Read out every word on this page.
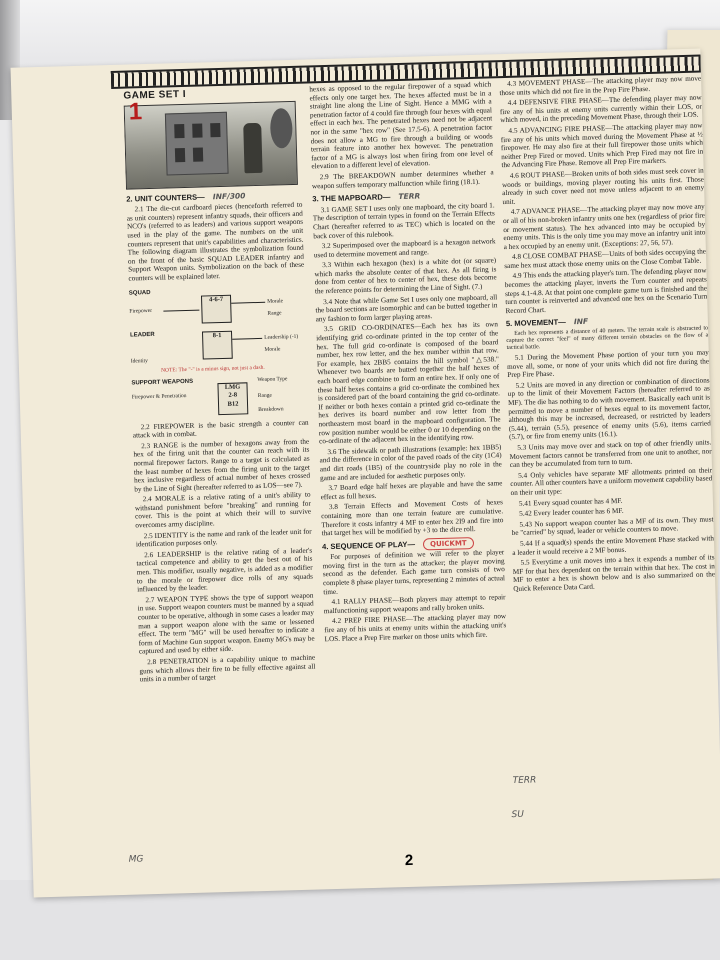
GAME SET I
1
2. UNIT COUNTERS— INF/300

2.1 The die-cut cardboard pieces (henceforth referred to as unit counters) represent infantry squads, their officers and NCO's (referred to as leaders) and various support weapons used in the play of the game. The numbers on the unit counters represent that unit's capabilities and characteristics. The following diagram illustrates the symbolization found on the front of the basic SQUAD LEADER infantry and Support Weapon units. Symbolization on the back of these counters will be explained later.

SQUAD
Firepower
4-6-7	Morale
Range
LEADER	8-1	Leadership (-1)
Morale
Identity
NOTE: The "-" is a minus sign, not just a dash.
SUPPORT WEAPONS	Weapon Type
Firepower & Penetration
LMG
2-8
B12
Range
Breakdown

2.2 FIREPOWER is the basic strength a counter can attack with in combat.

2.3 RANGE is the number of hexagons away from the hex of the firing unit that the counter can reach with its normal firepower factors. Range to a target is calculated as the least number of hexes from the firing unit to the target hex inclusive regardless of actual number of hexes crossed by the Line of Sight (hereafter referred to as LOS—see 7).

2.4 MORALE is a relative rating of a unit's ability to withstand punishment before "breaking" and running for cover. This is the point at which their will to survive overcomes army discipline.

2.5 IDENTITY is the name and rank of the leader unit for identification purposes only.

2.6 LEADERSHIP is the relative rating of a leader's tactical competence and ability to get the best out of his men. This modifier, usually negative, is added as a modifier to the morale or firepower dice rolls of any squads influenced by the leader.

2.7 WEAPON TYPE shows the type of support weapon in use. Support weapon counters must be manned by a squad counter to be operative, although in some cases a leader may man a support weapon alone with the same or lessened effect. The term "MG" will be used hereafter to indicate a form of Machine Gun support weapon. Enemy MG's may be captured and used by either side.

2.8 PENETRATION is a capability unique to machine guns which allows their fire to be fully effective against all units in a number of target

hexes as opposed to the regular firepower of a squad which effects only one target hex. The hexes affected must be in a straight line along the Line of Sight. Hence a MMG with a penetration factor of 4 could fire through four hexes with equal effect in each hex. The penetrated hexes need not be adjacent nor in the same "hex row" (See 17.5-6). A penetration factor does not allow a MG to fire through a building or woods terrain feature into another hex however. The penetration factor of a MG is always lost when firing from one level of elevation to a different level of elevation.

2.9 The BREAKDOWN number determines whether a weapon suffers temporary malfunction while firing (18.1).

3. THE MAPBOARD— TERR

3.1 GAME SET I uses only one mapboard, the city board 1. The description of terrain types in found on the Terrain Effects Chart (hereafter referred to as TEC) which is located on the back cover of this rulebook.

3.2 Superimposed over the mapboard is a hexagon network used to determine movement and range.

3.3 Within each hexagon (hex) is a white dot (or square) which marks the absolute center of that hex. As all firing is done from center of hex to center of hex, these dots become the reference points for determining the Line of Sight. (7.)

3.4 Note that while Game Set I uses only one mapboard, all the board sections are isomorphic and can be butted together in any fashion to form larger playing areas.

3.5 GRID CO-ORDINATES—Each hex has its own identifying grid co-ordinate printed in the top center of the hex. The full grid co-ordinate is composed of the board number, hex row letter, and the hex number within that row. For example, hex 2BB5 contains the hill symbol "△538." Whenever two boards are butted together the half hexes of each board edge combine to form an entire hex. If only one of these half hexes contains a grid co-ordinate the combined hex is considered part of the board containing the grid co-ordinate. If neither or both hexes contain a printed grid co-ordinate the hex derives its board number and row letter from the northeastern most board in the mapboard configuration. The row position number would be either 0 or 10 depending on the co-ordinate of the adjacent hex in the identifying row.

3.6 The sidewalk or path illustrations (example: hex 1BB5) and the difference in color of the paved roads of the city (1C4) and dirt roads (1B5) of the countryside play no role in the game and are included for aesthetic purposes only.

3.7 Board edge half hexes are playable and have the same effect as full hexes.

3.8 Terrain Effects and Movement Costs of hexes containing more than one terrain feature are cumulative. Therefore it costs infantry 4 MF to enter hex 2I9 and fire into that target hex will be modified by +3 to the dice roll.

4. SEQUENCE OF PLAY— QUICKMT

For purposes of definition we will refer to the player moving first in the turn as the attacker; the player moving second as the defender. Each game turn consists of two complete 8 phase player turns, representing 2 minutes of actual time.

4.1 RALLY PHASE—Both players may attempt to repair malfunctioning support weapons and rally broken units.

4.2 PREP FIRE PHASE—The attacking player may now fire any of his units at enemy units within the attacking unit's LOS. Place a Prep Fire marker on those units which fire.

4.3 MOVEMENT PHASE—The attacking player may now move those units which did not fire in the Prep Fire Phase.

4.4 DEFENSIVE FIRE PHASE—The defending player may now fire any of his units at enemy units currently within their LOS, or which moved, in the preceding Movement Phase, through their LOS.

4.5 ADVANCING FIRE PHASE—The attacking player may now fire any of his units which moved during the Movement Phase at ½ firepower. He may also fire at their full firepower those units which neither Prep Fired or moved. Units which Prep Fired may not fire in the Advancing Fire Phase. Remove all Prep Fire markers.

4.6 ROUT PHASE—Broken units of both sides must seek cover in woods or buildings, moving player routing his units first. Those already in such cover need not move unless adjacent to an enemy unit.

4.7 ADVANCE PHASE—The attacking player may now move any or all of his non-broken infantry units one hex (regardless of prior fire or movement status). The hex advanced into may be occupied by enemy units. This is the only time you may move an infantry unit into a hex occupied by an enemy unit. (Exceptions: 27, 56, 57).

4.8 CLOSE COMBAT PHASE—Units of both sides occupying the same hex must attack those enemy units on the Close Combat Table.

4.9 This ends the attacking player's turn. The defending player now becomes the attacking player, inverts the Turn counter and repeats steps 4.1-4.8. At that point one complete game turn is finished and the turn counter is reinverted and advanced one hex on the Scenario Turn Record Chart.

5. MOVEMENT— INF

Each hex represents a distance of 40 meters. The terrain scale is abstracted to capture the correct "feel" of many different terrain obstacles on the flow of a tactical battle.

5.1 During the Movement Phase portion of your turn you may move all, some, or none of your units which did not fire during the Prep Fire Phase.

5.2 Units are moved in any direction or combination of directions up to the limit of their Movement Factors (hereafter referred to as MF). The die has nothing to do with movement. Basically each unit is permitted to move a number of hexes equal to its movement factor, although this may be increased, decreased, or restricted by leaders (5.44), terrain (5.5), presence of enemy units (5.6), items carried (5.7), or fire from enemy units (16.1).

5.3 Units may move over and stack on top of other friendly units. Movement factors cannot be transferred from one unit to another, nor can they be accumulated from turn to turn.

5.4 Only vehicles have separate MF allotments printed on their counter. All other counters have a uniform movement capability based on their unit type:

5.41 Every squad counter has 4 MF.

5.42 Every leader counter has 6 MF.

5.43 No support weapon counter has a MF of its own. They must be "carried" by squad, leader or vehicle counters to move.

5.44 If a squad(s) spends the entire Movement Phase stacked with a leader it would receive a 2 MF bonus.

5.5 Everytime a unit moves into a hex it expends a number of its MF for that hex dependent on the terrain within that hex. The cost in MF to enter a hex is shown below and is also summarized on the Quick Reference Data Card.

MG
TERR
SU
2
